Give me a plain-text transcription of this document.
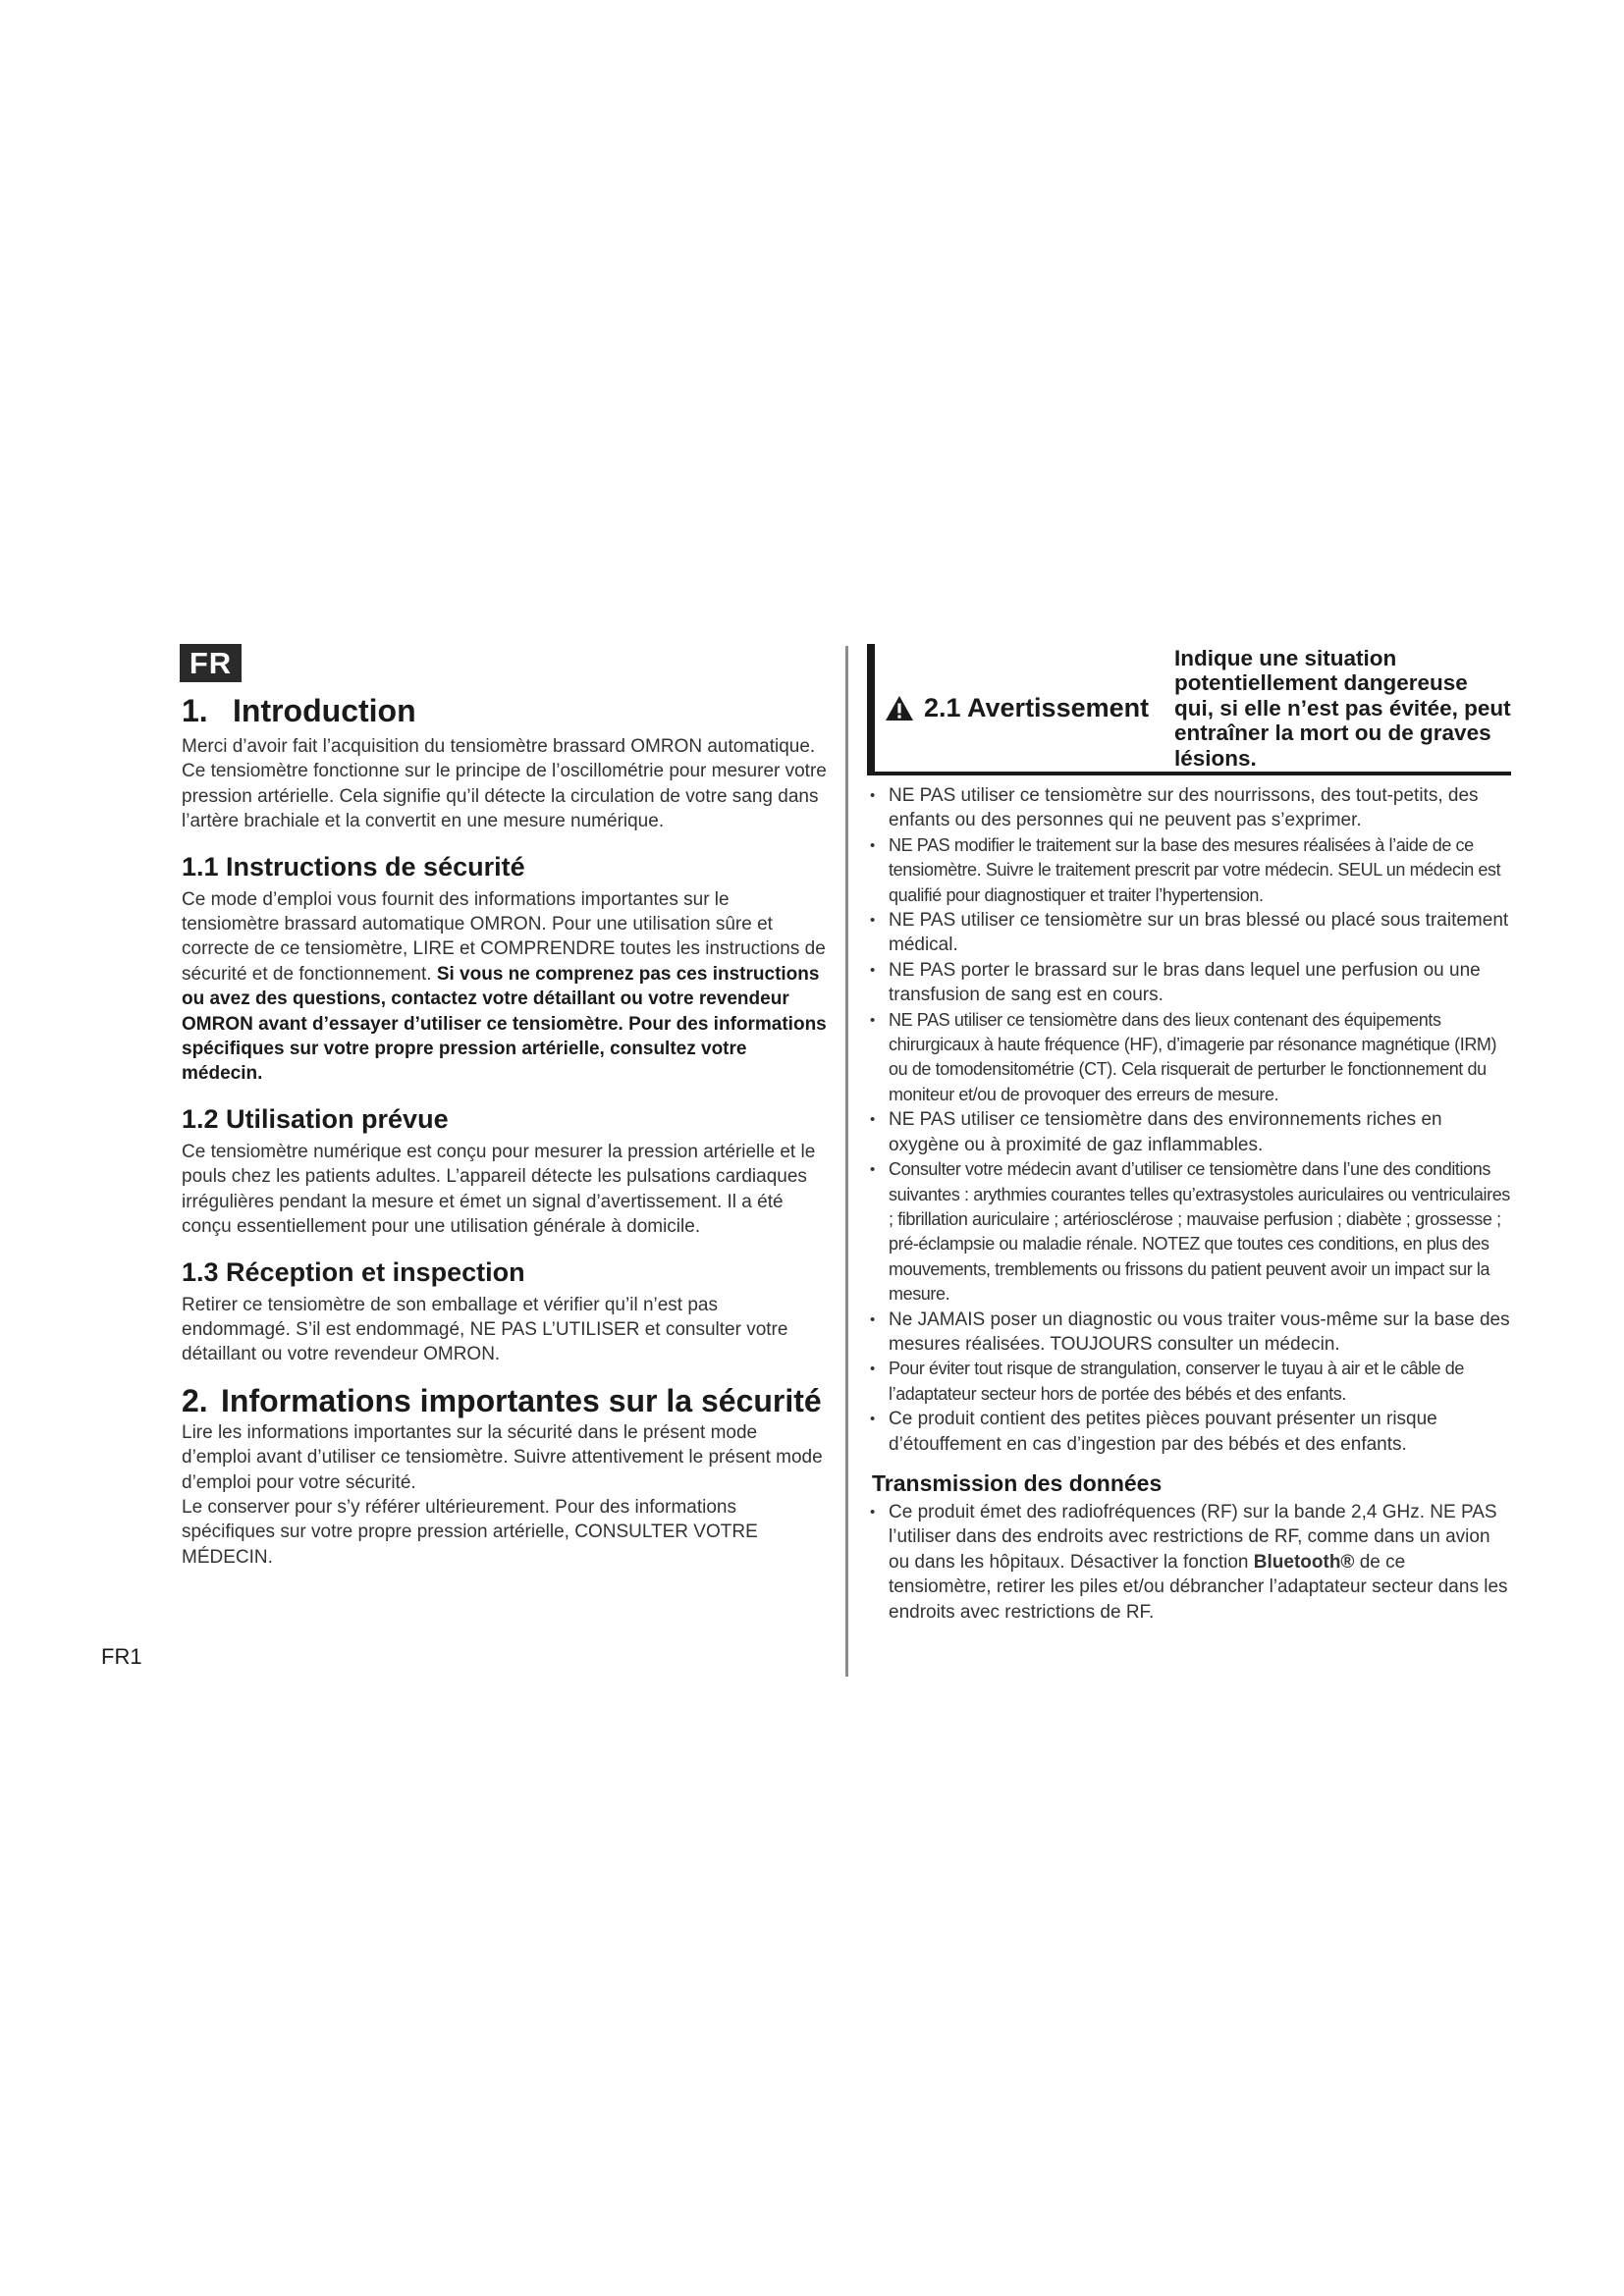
FR
1. Introduction

Merci d’avoir fait l’acquisition du tensiomètre brassard OMRON automatique. Ce tensiomètre fonctionne sur le principe de l’oscillométrie pour mesurer votre pression artérielle. Cela signifie qu’il détecte la circulation de votre sang dans l’artère brachiale et la convertit en une mesure numérique.

1.1 Instructions de sécurité

Ce mode d’emploi vous fournit des informations importantes sur le tensiomètre brassard automatique OMRON. Pour une utilisation sûre et correcte de ce tensiomètre, LIRE et COMPRENDRE toutes les instructions de sécurité et de fonctionnement. Si vous ne comprenez pas ces instructions ou avez des questions, contactez votre détaillant ou votre revendeur OMRON avant d’essayer d’utiliser ce tensiomètre. Pour des informations spécifiques sur votre propre pression artérielle, consultez votre médecin.

1.2 Utilisation prévue

Ce tensiomètre numérique est conçu pour mesurer la pression artérielle et le pouls chez les patients adultes. L’appareil détecte les pulsations cardiaques irrégulières pendant la mesure et émet un signal d’avertissement. Il a été conçu essentiellement pour une utilisation générale à domicile.

1.3 Réception et inspection

Retirer ce tensiomètre de son emballage et vérifier qu’il n’est pas endommagé. S’il est endommagé, NE PAS L’UTILISER et consulter votre détaillant ou votre revendeur OMRON.

2. Informations importantes sur la sécurité

Lire les informations importantes sur la sécurité dans le présent mode d’emploi avant d’utiliser ce tensiomètre. Suivre attentivement le présent mode d’emploi pour votre sécurité.

Le conserver pour s’y référer ultérieurement. Pour des informations spécifiques sur votre propre pression artérielle, CONSULTER VOTRE MÉDECIN.

2.1 Avertissement
Indique une situation potentiellement dangereuse qui, si elle n’est pas évitée, peut entraîner la mort ou de graves lésions.
• NE PAS utiliser ce tensiomètre sur des nourrissons, des tout-petits, des enfants ou des personnes qui ne peuvent pas s’exprimer.
• NE PAS modifier le traitement sur la base des mesures réalisées à l’aide de ce tensiomètre. Suivre le traitement prescrit par votre médecin. SEUL un médecin est qualifié pour diagnostiquer et traiter l’hypertension.
• NE PAS utiliser ce tensiomètre sur un bras blessé ou placé sous traitement médical.
• NE PAS porter le brassard sur le bras dans lequel une perfusion ou une transfusion de sang est en cours.
• NE PAS utiliser ce tensiomètre dans des lieux contenant des équipements chirurgicaux à haute fréquence (HF), d’imagerie par résonance magnétique (IRM) ou de tomodensitométrie (CT). Cela risquerait de perturber le fonctionnement du moniteur et/ou de provoquer des erreurs de mesure.
• NE PAS utiliser ce tensiomètre dans des environnements riches en oxygène ou à proximité de gaz inflammables.
• Consulter votre médecin avant d’utiliser ce tensiomètre dans l’une des conditions suivantes : arythmies courantes telles qu’extrasystoles auriculaires ou ventriculaires ; fibrillation auriculaire ; artériosclérose ; mauvaise perfusion ; diabète ; grossesse ; pré-éclampsie ou maladie rénale. NOTEZ que toutes ces conditions, en plus des mouvements, tremblements ou frissons du patient peuvent avoir un impact sur la mesure.
• Ne JAMAIS poser un diagnostic ou vous traiter vous-même sur la base des mesures réalisées. TOUJOURS consulter un médecin.
• Pour éviter tout risque de strangulation, conserver le tuyau à air et le câble de l’adaptateur secteur hors de portée des bébés et des enfants.
• Ce produit contient des petites pièces pouvant présenter un risque d’étouffement en cas d’ingestion par des bébés et des enfants.
Transmission des données
• Ce produit émet des radiofréquences (RF) sur la bande 2,4 GHz. NE PAS l’utiliser dans des endroits avec restrictions de RF, comme dans un avion ou dans les hôpitaux. Désactiver la fonction Bluetooth® de ce tensiomètre, retirer les piles et/ou débrancher l’adaptateur secteur dans les endroits avec restrictions de RF.
FR1
